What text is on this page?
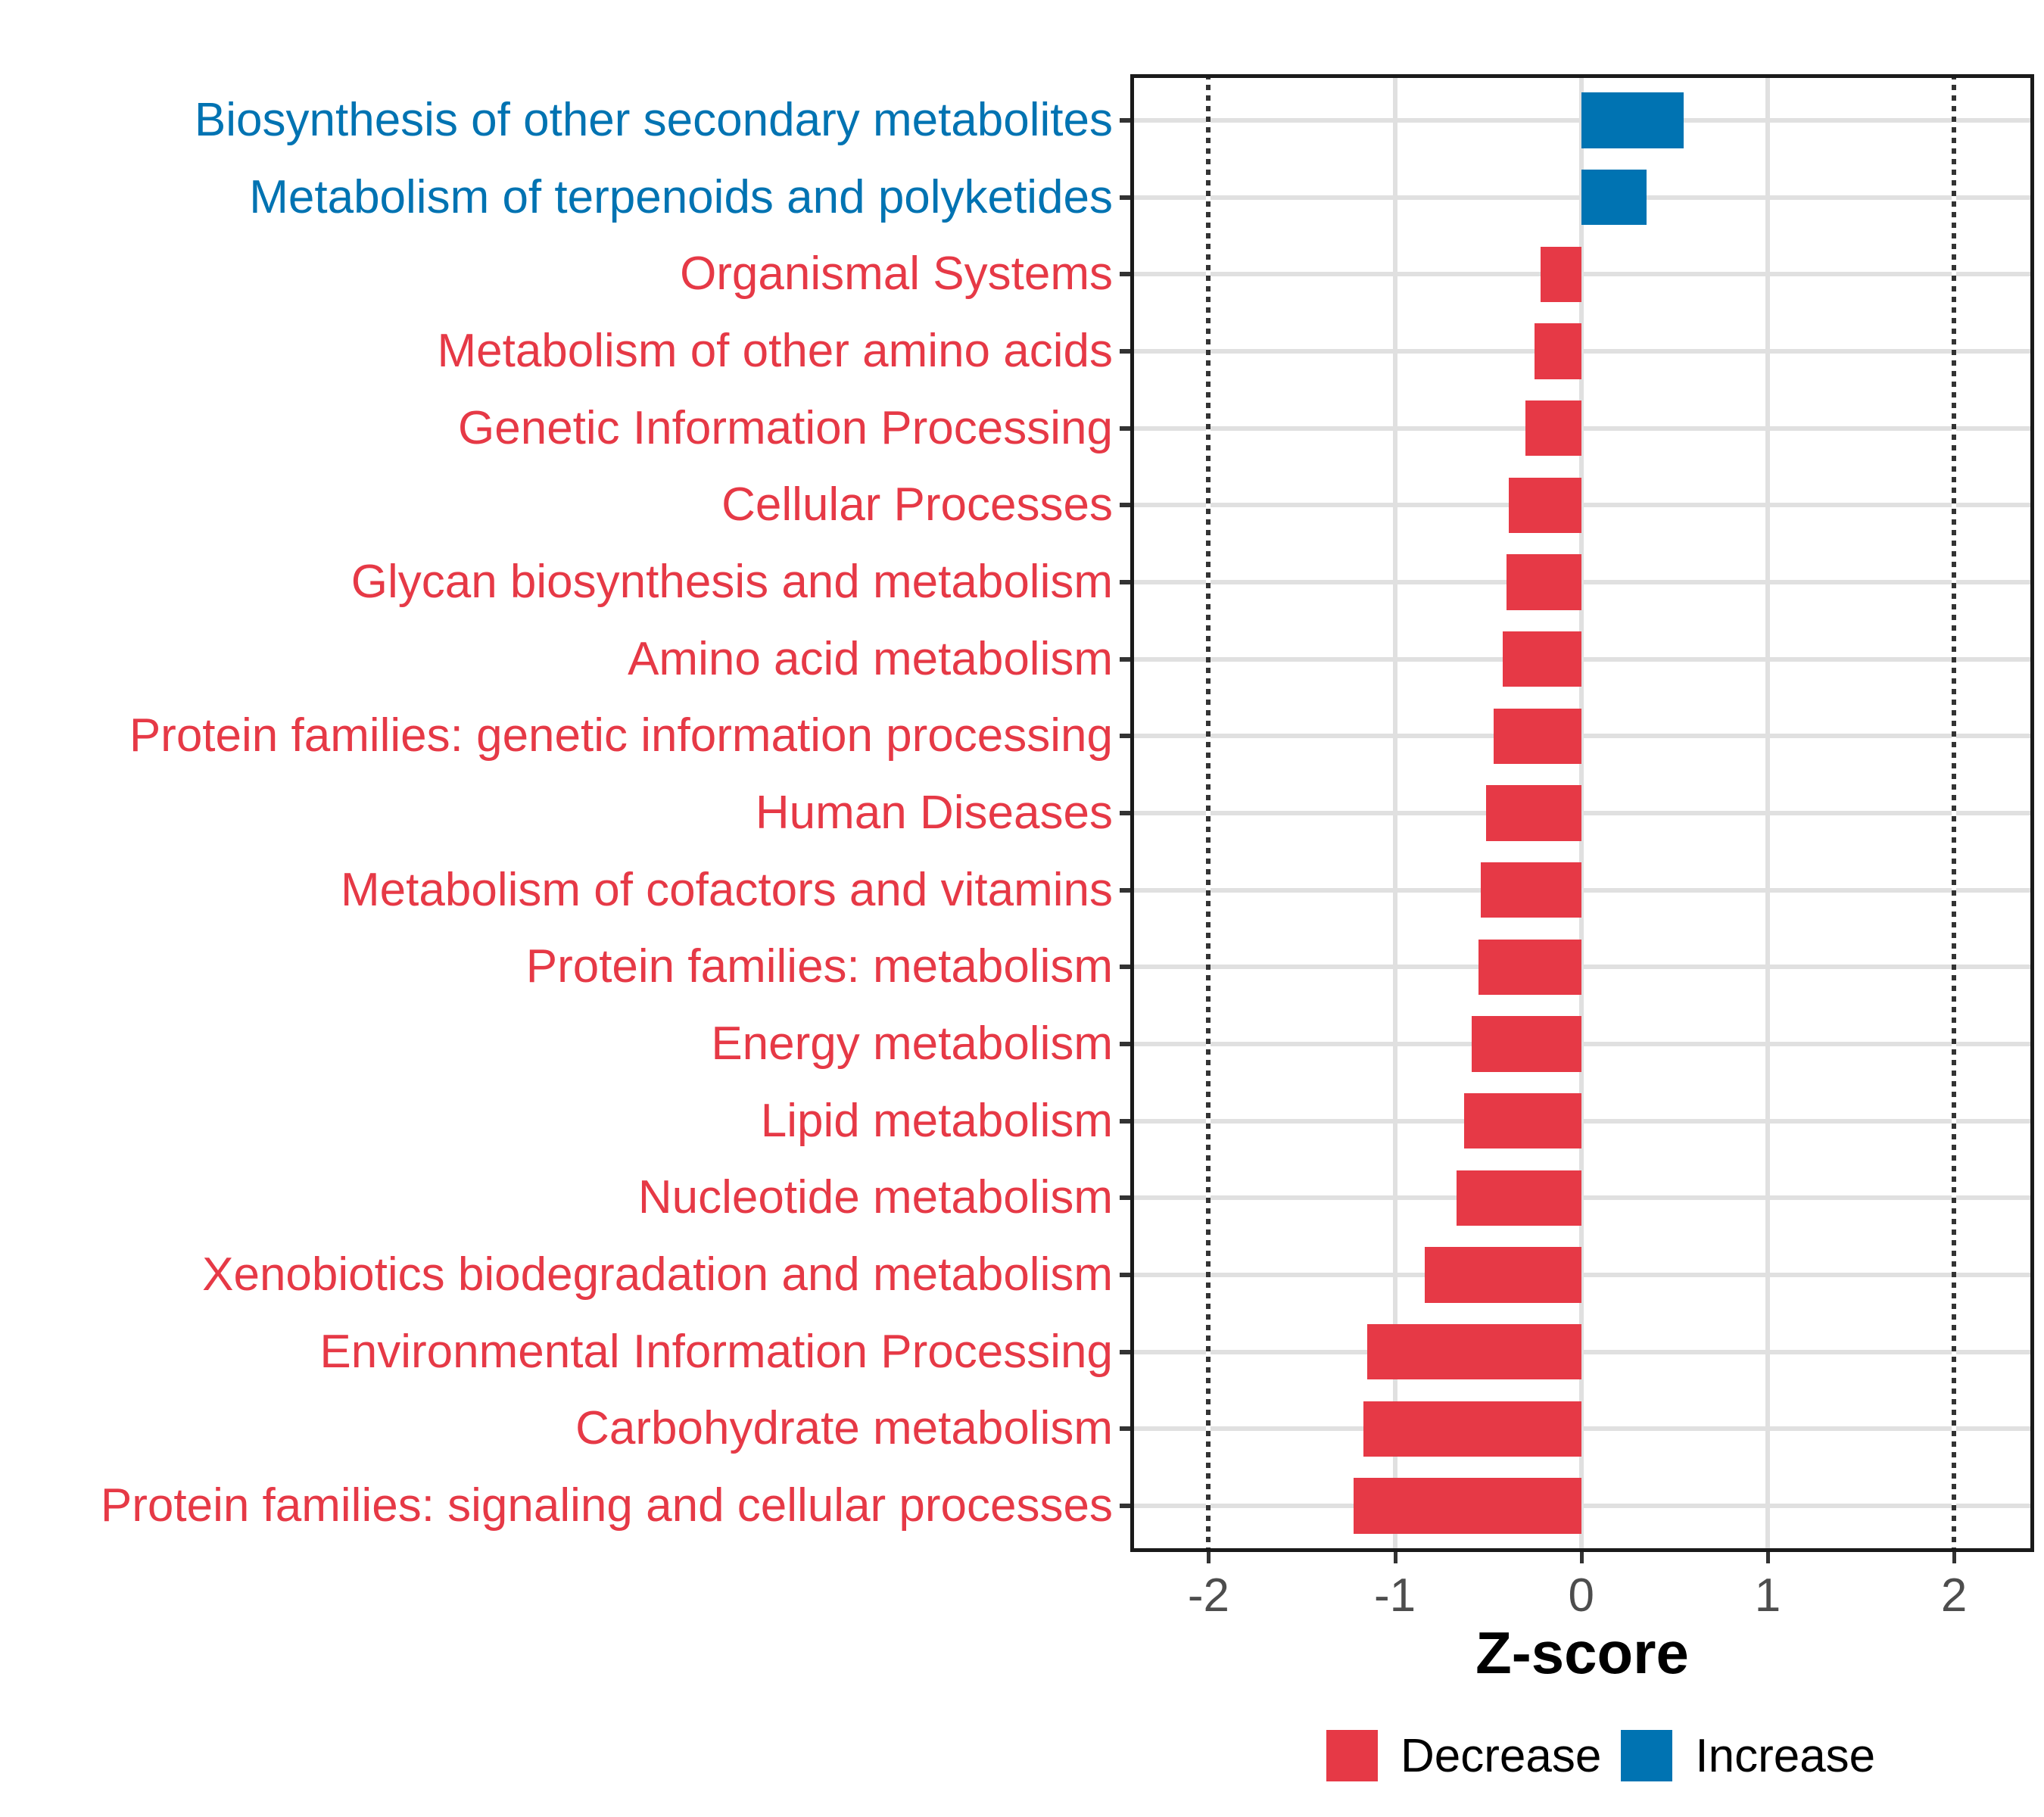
Biosynthesis of other secondary metabolites
Metabolism of terpenoids and polyketides
Organismal Systems
Metabolism of other amino acids
Genetic Information Processing
Cellular Processes
Glycan biosynthesis and metabolism
Amino acid metabolism
Protein families: genetic information processing
Human Diseases
Metabolism of cofactors and vitamins
Protein families: metabolism
Energy metabolism
Lipid metabolism
Nucleotide metabolism
Xenobiotics biodegradation and metabolism
Environmental Information Processing
Carbohydrate metabolism
Protein families: signaling and cellular processes
-2	-1	0	1	2
Z-score
Decrease Increase
